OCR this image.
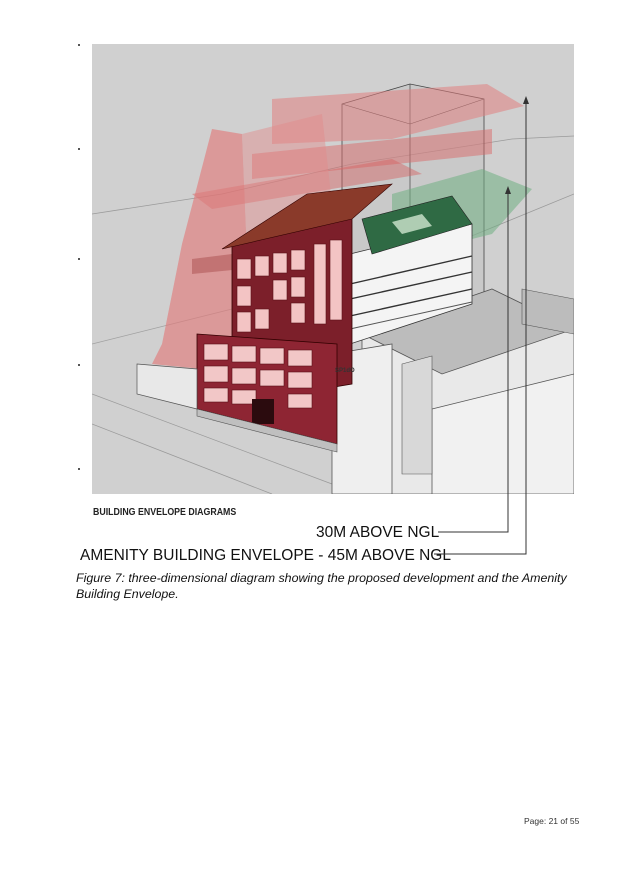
SP1dO
BUILDING ENVELOPE DIAGRAMS
30M ABOVE NGL
AMENITY BUILDING ENVELOPE - 45M ABOVE NGL
Figure 7: three-dimensional diagram showing the proposed development and the Amenity Building Envelope.
Page: 21 of 55
